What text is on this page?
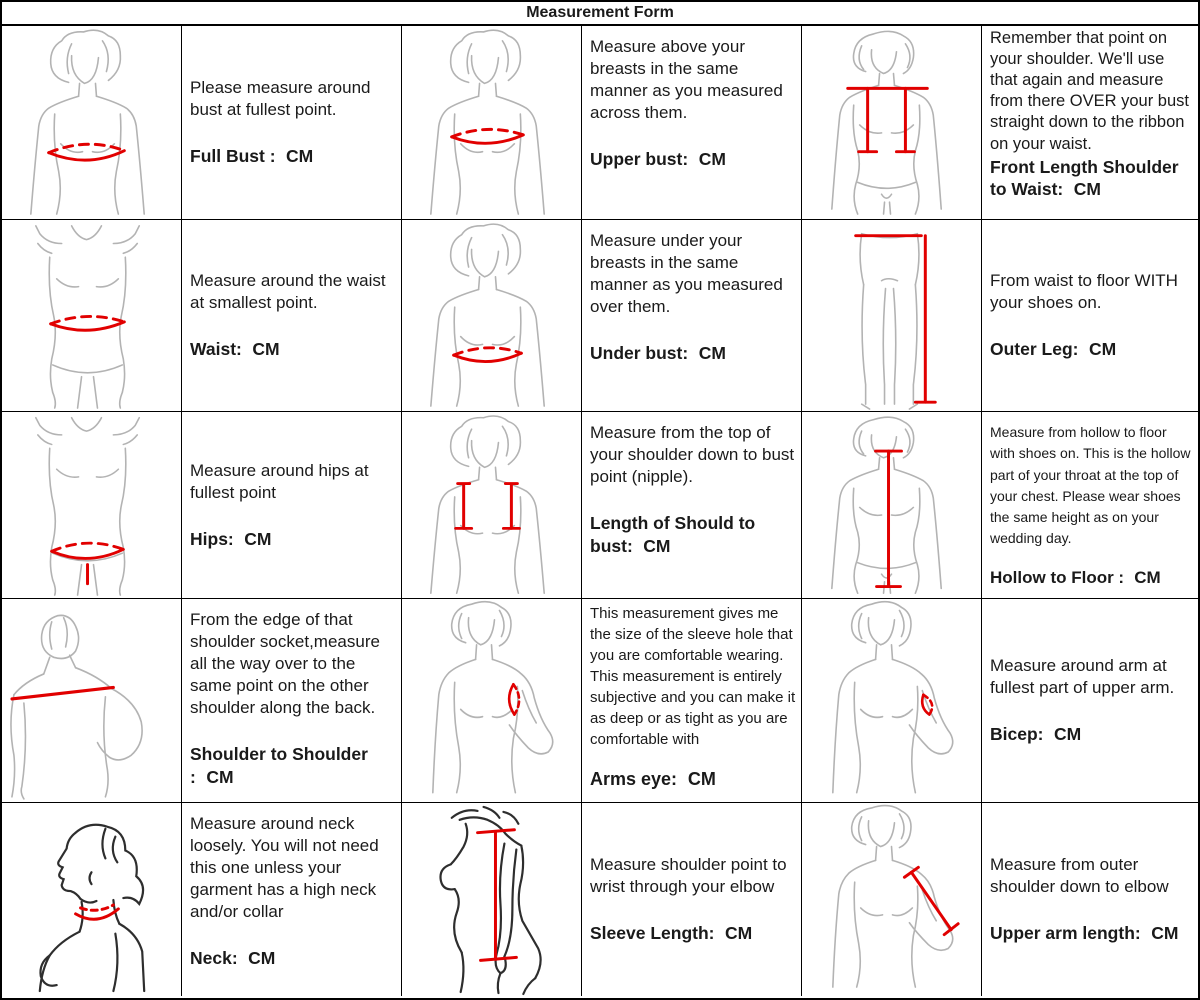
Measurement Form

Please measure around bust at fullest point.

Full Bust : CM

Measure above your breasts in the same manner as you measured across them.

Upper bust: CM

Remember that point on your shoulder. We'll use that again and measure from there OVER your bust straight down to the ribbon on your waist.

Front Length Shoulder to Waist: CM

Measure around the waist at smallest point.

Waist: CM

Measure under your breasts in the same manner as you measured over them.

Under bust: CM

From waist to floor WITH your shoes on.

Outer Leg: CM

Measure around hips at fullest point

Hips: CM

Measure from the top of your shoulder down to bust point (nipple).

Length of Should to bust: CM

Measure from hollow to floor with shoes on. This is the hollow part of your throat at the top of your chest. Please wear shoes the same height as on your wedding day.

Hollow to Floor : CM

From the edge of that shoulder socket,measure all the way over to the same point on the other shoulder along the back.

Shoulder to Shoulder : CM

This measurement gives me the size of the sleeve hole that you are comfortable wearing. This measurement is entirely subjective and you can make it as deep or as tight as you are comfortable with

Arms eye: CM

Measure around arm at fullest part of upper arm.

Bicep: CM

Measure around neck loosely. You will not need this one unless your garment has a high neck and/or collar

Neck: CM

Measure shoulder point to wrist through your elbow

Sleeve Length: CM

Measure from outer shoulder down to elbow

Upper arm length: CM
